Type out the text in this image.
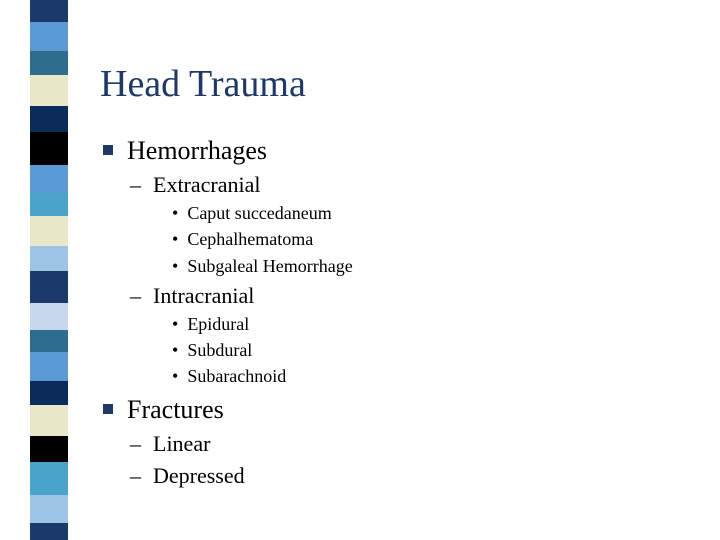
Head Trauma
Hemorrhages
– Extracranial
• Caput succedaneum
• Cephalhematoma
• Subgaleal Hemorrhage
– Intracranial
• Epidural
• Subdural
• Subarachnoid
Fractures
– Linear
– Depressed
